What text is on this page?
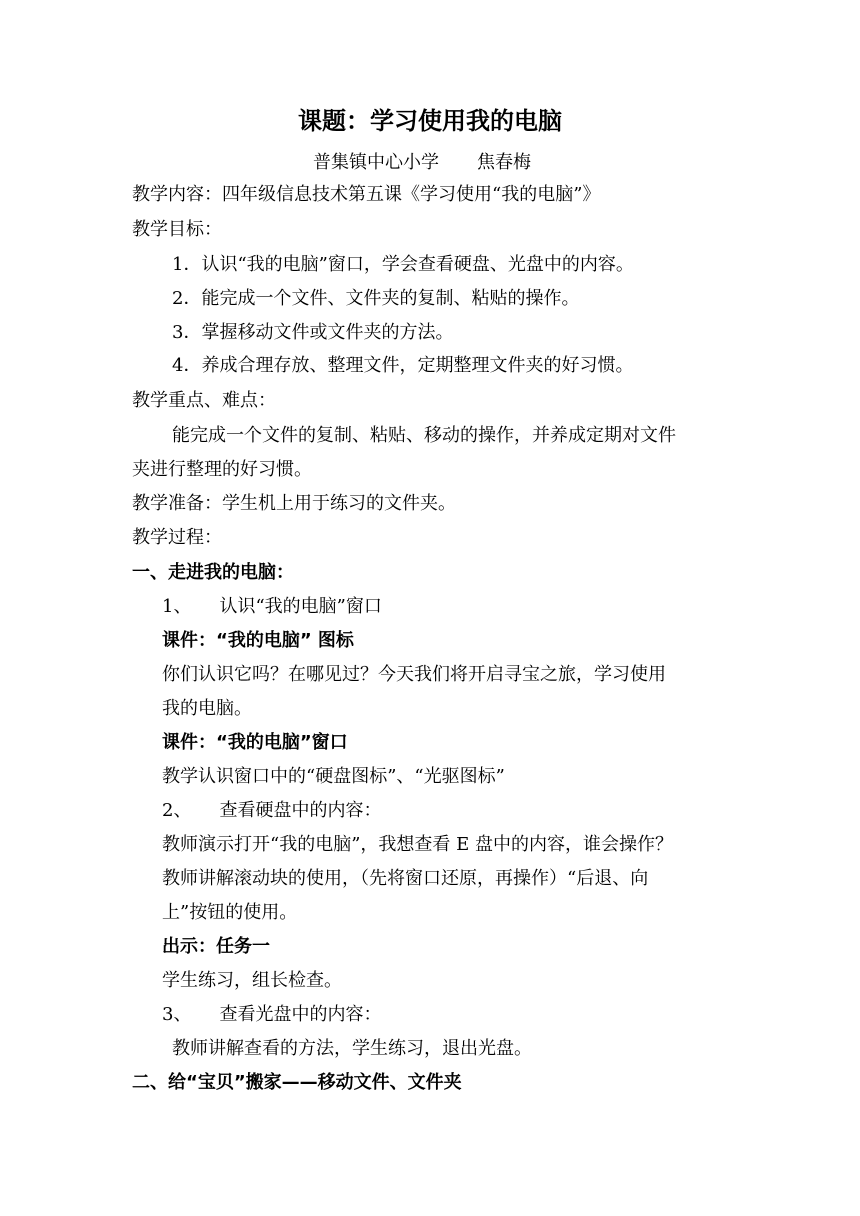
课题：学习使用我的电脑
普集镇中心小学 焦春梅
教学内容：四年级信息技术第五课《学习使用“我的电脑”》
教学目标：
1．认识“我的电脑”窗口，学会查看硬盘、光盘中的内容。
2．能完成一个文件、文件夹的复制、粘贴的操作。
3．掌握移动文件或文件夹的方法。
4．养成合理存放、整理文件，定期整理文件夹的好习惯。
教学重点、难点：
能完成一个文件的复制、粘贴、移动的操作，并养成定期对文件
夹进行整理的好习惯。
教学准备：学生机上用于练习的文件夹。
教学过程：
一、走进我的电脑：
1、 认识“我的电脑”窗口
课件：“我的电脑” 图标
你们认识它吗？在哪见过？今天我们将开启寻宝之旅，学习使用
我的电脑。
课件：“我的电脑”窗口
教学认识窗口中的“硬盘图标”、“光驱图标”
2、 查看硬盘中的内容：
教师演示打开“我的电脑”，我想查看 E 盘中的内容，谁会操作？
教师讲解滚动块的使用，（先将窗口还原，再操作）“后退、向
上”按钮的使用。
出示：任务一
学生练习，组长检查。
3、 查看光盘中的内容：
教师讲解查看的方法，学生练习，退出光盘。
二、给“宝贝”搬家——移动文件、文件夹
